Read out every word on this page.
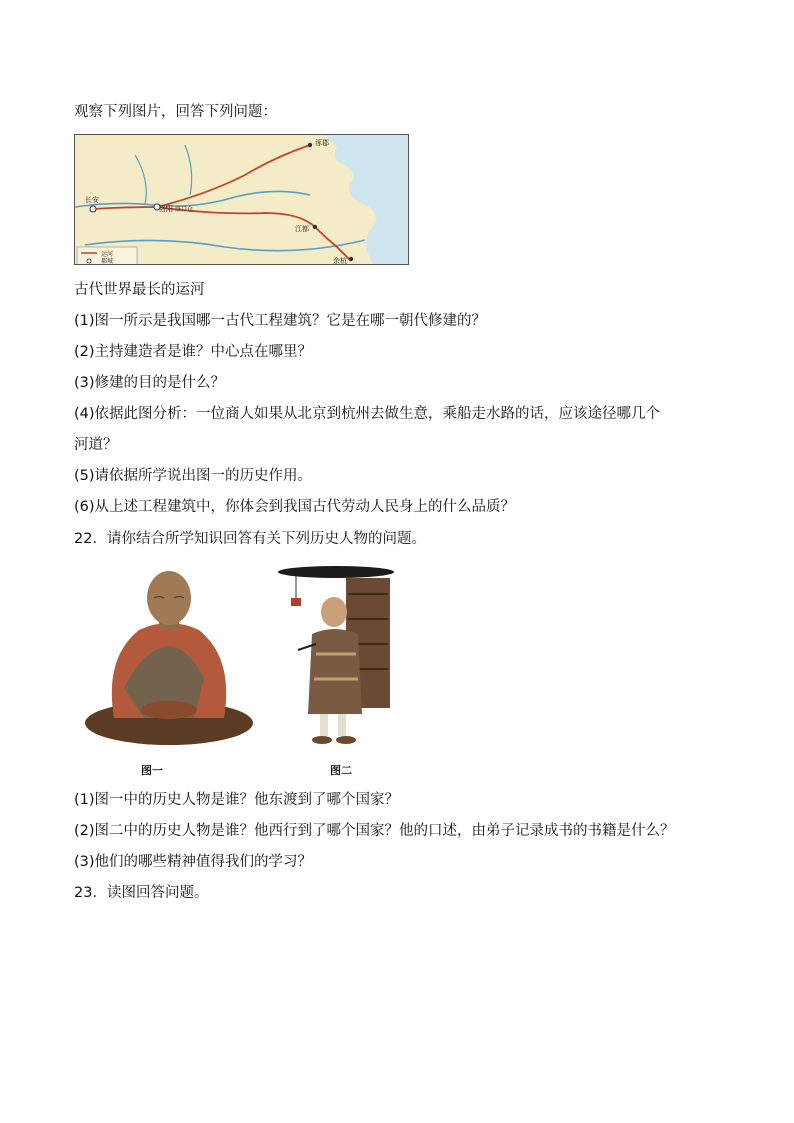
观察下列图片，回答下列问题：
长安
洛阳 洛口仓
涿郡
江都
余杭
运河
都城
古代世界最长的运河
(1)图一所示是我国哪一古代工程建筑？它是在哪一朝代修建的？
(2)主持建造者是谁？中心点在哪里？
(3)修建的目的是什么？
(4)依据此图分析：一位商人如果从北京到杭州去做生意，乘船走水路的话，应该途径哪几个
河道？
(5)请依据所学说出图一的历史作用。
(6)从上述工程建筑中，你体会到我国古代劳动人民身上的什么品质？
22．请你结合所学知识回答有关下列历史人物的问题。
图一	图二
(1)图一中的历史人物是谁？他东渡到了哪个国家？
(2)图二中的历史人物是谁？他西行到了哪个国家？他的口述，由弟子记录成书的书籍是什么？
(3)他们的哪些精神值得我们的学习？
23．读图回答问题。
